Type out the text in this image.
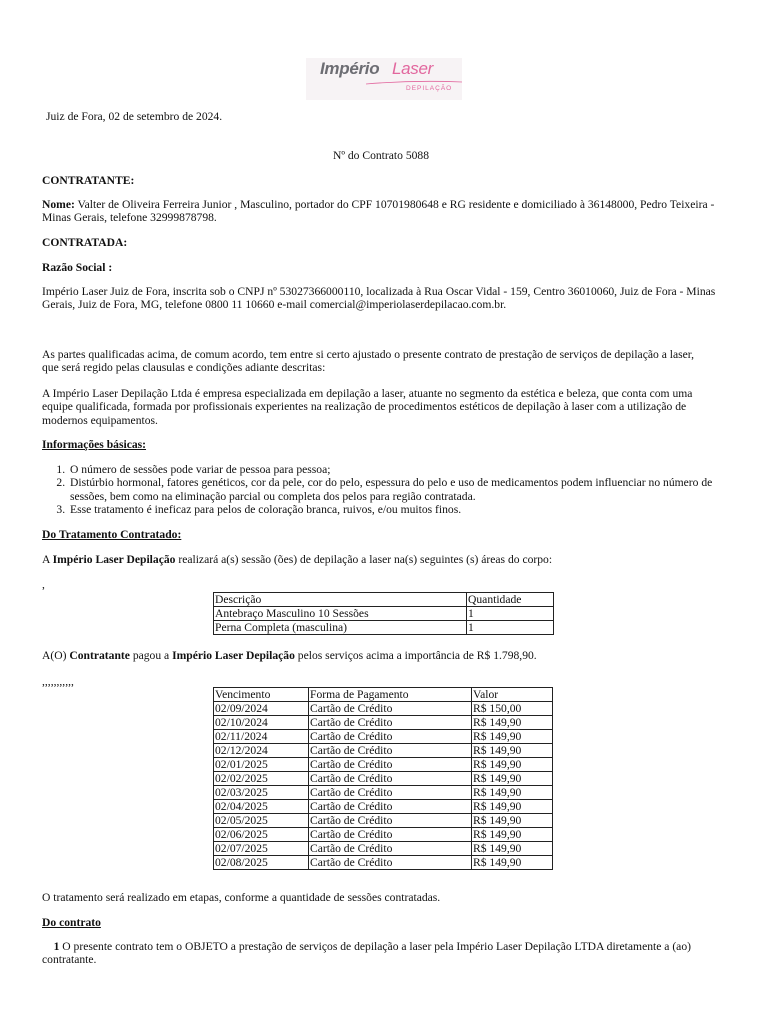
Império Laser
DEPILAÇÃO
Juiz de Fora, 02 de setembro de 2024.
Nº do Contrato 5088
CONTRATANTE:
Nome: Valter de Oliveira Ferreira Junior , Masculino, portador do CPF 10701980648 e RG residente e domiciliado à 36148000, Pedro Teixeira - Minas Gerais, telefone 32999878798.
CONTRATADA:
Razão Social :
Império Laser Juiz de Fora, inscrita sob o CNPJ nº 53027366000110, localizada à Rua Oscar Vidal - 159, Centro 36010060, Juiz de Fora - Minas Gerais, Juiz de Fora, MG, telefone 0800 11 10660 e-mail comercial@imperiolaserdepilacao.com.br.
As partes qualificadas acima, de comum acordo, tem entre si certo ajustado o presente contrato de prestação de serviços de depilação a laser, que será regido pelas clausulas e condições adiante descritas:
A Império Laser Depilação Ltda é empresa especializada em depilação a laser, atuante no segmento da estética e beleza, que conta com uma equipe qualificada, formada por profissionais experientes na realização de procedimentos estéticos de depilação à laser com a utilização de modernos equipamentos.
Informações básicas:
1. O número de sessões pode variar de pessoa para pessoa;
2. Distúrbio hormonal, fatores genéticos, cor da pele, cor do pelo, espessura do pelo e uso de medicamentos podem influenciar no número de sessões, bem como na eliminação parcial ou completa dos pelos para região contratada.
3. Esse tratamento é ineficaz para pelos de coloração branca, ruivos, e/ou muitos finos.
Do Tratamento Contratado:
A Império Laser Depilação realizará a(s) sessão (ões) de depilação a laser na(s) seguintes (s) áreas do corpo:
,
Descrição	Quantidade
Antebraço Masculino 10 Sessões	1
Perna Completa (masculina)	1
A(O) Contratante pagou a Império Laser Depilação pelos serviços acima a importância de R$ 1.798,90.
,,,,,,,,,,,
Vencimento	Forma de Pagamento	Valor
02/09/2024	Cartão de Crédito	R$ 150,00
02/10/2024	Cartão de Crédito	R$ 149,90
02/11/2024	Cartão de Crédito	R$ 149,90
02/12/2024	Cartão de Crédito	R$ 149,90
02/01/2025	Cartão de Crédito	R$ 149,90
02/02/2025	Cartão de Crédito	R$ 149,90
02/03/2025	Cartão de Crédito	R$ 149,90
02/04/2025	Cartão de Crédito	R$ 149,90
02/05/2025	Cartão de Crédito	R$ 149,90
02/06/2025	Cartão de Crédito	R$ 149,90
02/07/2025	Cartão de Crédito	R$ 149,90
02/08/2025	Cartão de Crédito	R$ 149,90
O tratamento será realizado em etapas, conforme a quantidade de sessões contratadas.
Do contrato
1 O presente contrato tem o OBJETO a prestação de serviços de depilação a laser pela Império Laser Depilação LTDA diretamente a (ao) contratante.
